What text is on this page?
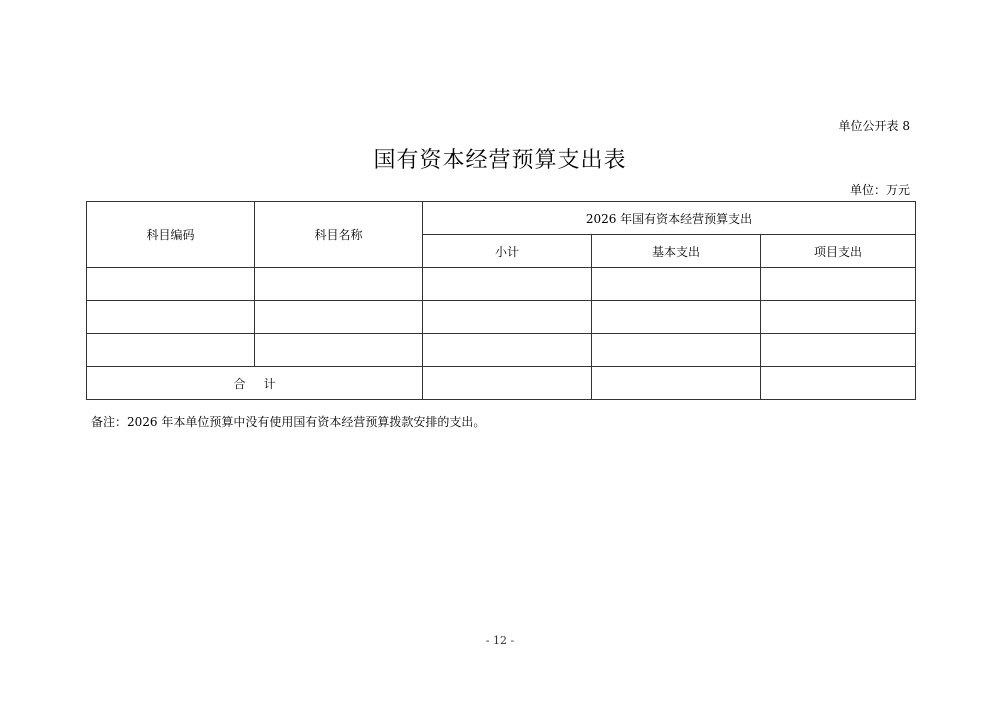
单位公开表 8
国有资本经营预算支出表
单位：万元
科目编码	科目名称	2026 年国有资本经营预算支出		
		小计	基本支出	项目支出

合计				
备注：2026 年本单位预算中没有使用国有资本经营预算拨款安排的支出。
- 12 -
